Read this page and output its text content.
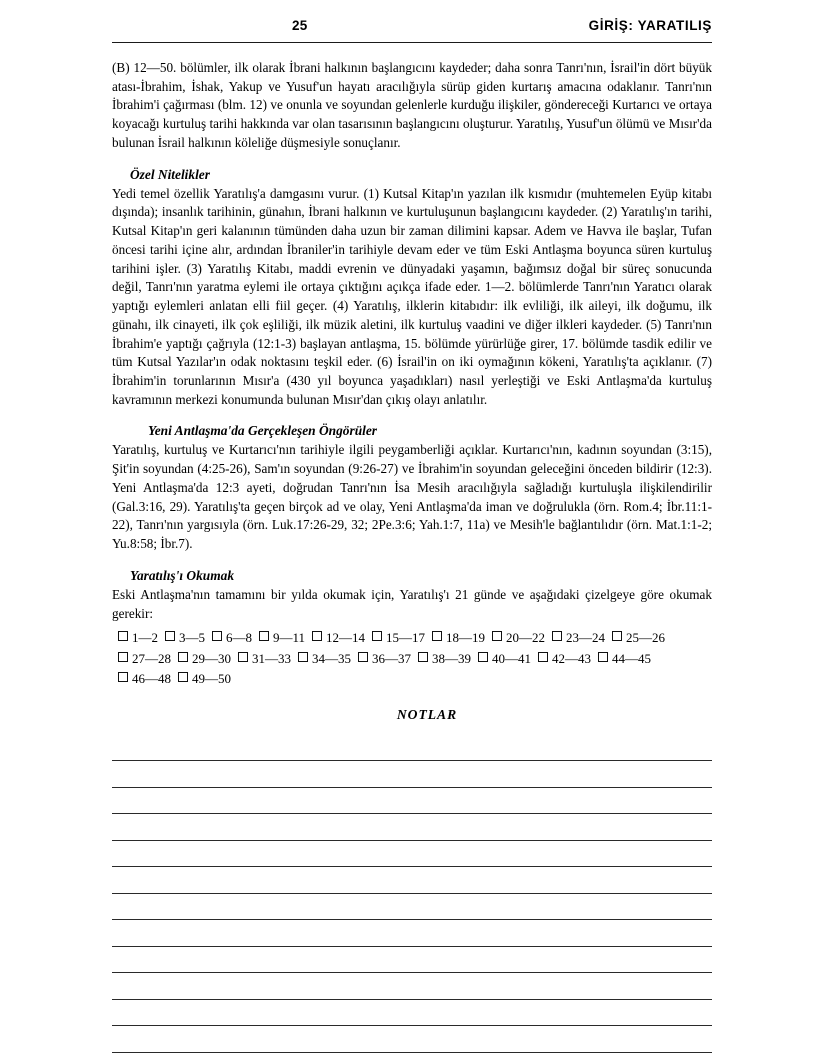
25	GİRİŞ: YARATILIŞ

(B) 12—50. bölümler, ilk olarak İbrani halkının başlangıcını kaydeder; daha sonra Tanrı'nın, İsrail'in dört büyük atası-İbrahim, İshak, Yakup ve Yusuf'un hayatı aracılığıyla sürüp giden kurtarış amacına odaklanır. Tanrı'nın İbrahim'i çağırması (blm. 12) ve onunla ve soyundan gelenlerle kurduğu ilişkiler, göndereceği Kurtarıcı ve ortaya koyacağı kurtuluş tarihi hakkında var olan tasarısının başlangıcını oluşturur. Yaratılış, Yusuf'un ölümü ve Mısır'da bulunan İsrail halkının köleliğe düşmesiyle sonuçlanır.

Özel Nitelikler

Yedi temel özellik Yaratılış'a damgasını vurur. (1) Kutsal Kitap'ın yazılan ilk kısmıdır (muhtemelen Eyüp kitabı dışında); insanlık tarihinin, günahın, İbrani halkının ve kurtuluşunun başlangıcını kaydeder. (2) Yaratılış'ın tarihi, Kutsal Kitap'ın geri kalanının tümünden daha uzun bir zaman dilimini kapsar. Adem ve Havva ile başlar, Tufan öncesi tarihi içine alır, ardından İbraniler'in tarihiyle devam eder ve tüm Eski Antlaşma boyunca süren kurtuluş tarihini işler. (3) Yaratılış Kitabı, maddi evrenin ve dünyadaki yaşamın, bağımsız doğal bir süreç sonucunda değil, Tanrı'nın yaratma eylemi ile ortaya çıktığını açıkça ifade eder. 1—2. bölümlerde Tanrı'nın Yaratıcı olarak yaptığı eylemleri anlatan elli fiil geçer. (4) Yaratılış, ilklerin kitabıdır: ilk evliliği, ilk aileyi, ilk doğumu, ilk günahı, ilk cinayeti, ilk çok eşliliği, ilk müzik aletini, ilk kurtuluş vaadini ve diğer ilkleri kaydeder. (5) Tanrı'nın İbrahim'e yaptığı çağrıyla (12:1-3) başlayan antlaşma, 15. bölümde yürürlüğe girer, 17. bölümde tasdik edilir ve tüm Kutsal Yazılar'ın odak noktasını teşkil eder. (6) İsrail'in on iki oymağının kökeni, Yaratılış'ta açıklanır. (7) İbrahim'in torunlarının Mısır'a (430 yıl boyunca yaşadıkları) nasıl yerleştiği ve Eski Antlaşma'da kurtuluş kavramının merkezi konumunda bulunan Mısır'dan çıkış olayı anlatılır.

Yeni Antlaşma'da Gerçekleşen Öngörüler

Yaratılış, kurtuluş ve Kurtarıcı'nın tarihiyle ilgili peygamberliği açıklar. Kurtarıcı'nın, kadının soyundan (3:15), Şit'in soyundan (4:25-26), Sam'ın soyundan (9:26-27) ve İbrahim'in soyundan geleceğini önceden bildirir (12:3). Yeni Antlaşma'da 12:3 ayeti, doğrudan Tanrı'nın İsa Mesih aracılığıyla sağladığı kurtuluşla ilişkilendirilir (Gal.3:16, 29). Yaratılış'ta geçen birçok ad ve olay, Yeni Antlaşma'da iman ve doğrulukla (örn. Rom.4; İbr.11:1-22), Tanrı'nın yargısıyla (örn. Luk.17:26-29, 32; 2Pe.3:6; Yah.1:7, 11a) ve Mesih'le bağlantılıdır (örn. Mat.1:1-2; Yu.8:58; İbr.7).

Yaratılış'ı Okumak

Eski Antlaşma'nın tamamını bir yılda okumak için, Yaratılış'ı 21 günde ve aşağıdaki çizelgeye göre okumak gerekir:

1—2 3—5 6—8 9—11 12—14 15—17 18—19 20—22 23—24 25—2627—28 29—30 31—33 34—35 36—37 38—39 40—41 42—43 44—4546—48 49—50
NOTLAR
